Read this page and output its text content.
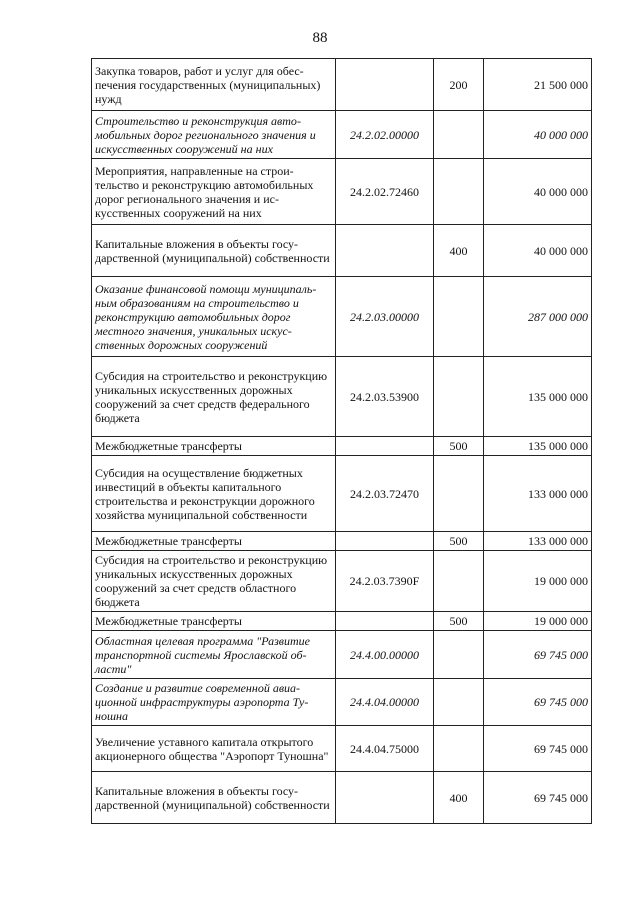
88
Закупка товаров, работ и услуг для обеспечения государственных (муниципальных) нужд		200	21 500 000
Строительство и реконструкция автомобильных дорог регионального значения и искусственных сооружений на них	24.2.02.00000		40 000 000
Мероприятия, направленные на строительство и реконструкцию автомобильных дорог регионального значения и искусственных сооружений на них	24.2.02.72460		40 000 000
Капитальные вложения в объекты государственной (муниципальной) собственности		400	40 000 000
Оказание финансовой помощи муниципальным образованиям на строительство и реконструкцию автомобильных дорог местного значения, уникальных искусственных дорожных сооружений	24.2.03.00000		287 000 000
Субсидия на строительство и реконструкцию уникальных искусственных дорожных сооружений за счет средств федерального бюджета	24.2.03.53900		135 000 000
Межбюджетные трансферты		500	135 000 000
Субсидия на осуществление бюджетных инвестиций в объекты капитального строительства и реконструкции дорожного хозяйства муниципальной собственности	24.2.03.72470		133 000 000
Межбюджетные трансферты		500	133 000 000
Субсидия на строительство и реконструкцию уникальных искусственных дорожных сооружений за счет средств областного бюджета	24.2.03.7390F		19 000 000
Межбюджетные трансферты		500	19 000 000
Областная целевая программа "Развитие транспортной системы Ярославской области"	24.4.00.00000		69 745 000
Создание и развитие современной авиационной инфраструктуры аэропорта Туношна	24.4.04.00000		69 745 000
Увеличение уставного капитала открытого акционерного общества "Аэропорт Туношна"	24.4.04.75000		69 745 000
Капитальные вложения в объекты государственной (муниципальной) собственности		400	69 745 000
